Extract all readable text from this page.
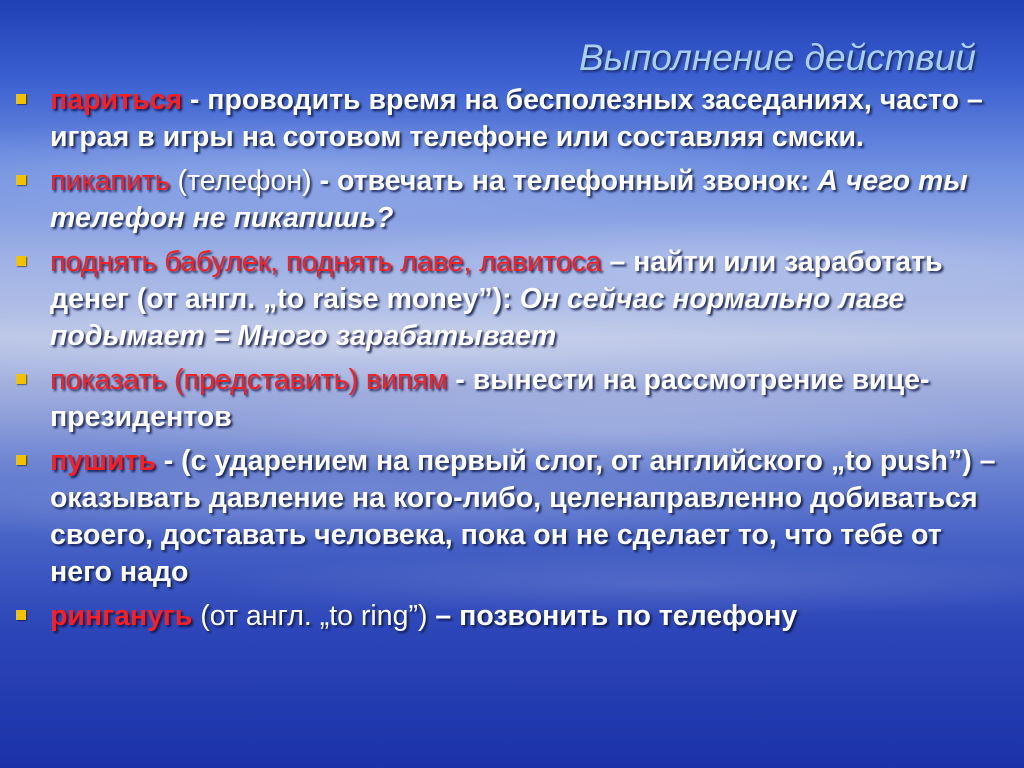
Выполнение действий
париться - проводить время на бесполезных заседаниях, часто – играя в игры на сотовом телефоне или составляя смски.
пикапить (телефон) - отвечать на телефонный звонок: А чего ты телефон не пикапишь?
поднять бабулек, поднять лаве, лавитоса – найти или заработать денег (от англ. „to raise money”): Он сейчас нормально лаве подымает = Много зарабатывает
показать (представить) випям - вынести на рассмотрение вице-президентов
пушить - (с ударением на первый слог, от английского „to push”) – оказывать давление на кого-либо, целенаправленно добиваться своего, доставать человека, пока он не сделает то, что тебе от него надо
ринганугь (от англ. „to ring”) – позвонить по телефону
